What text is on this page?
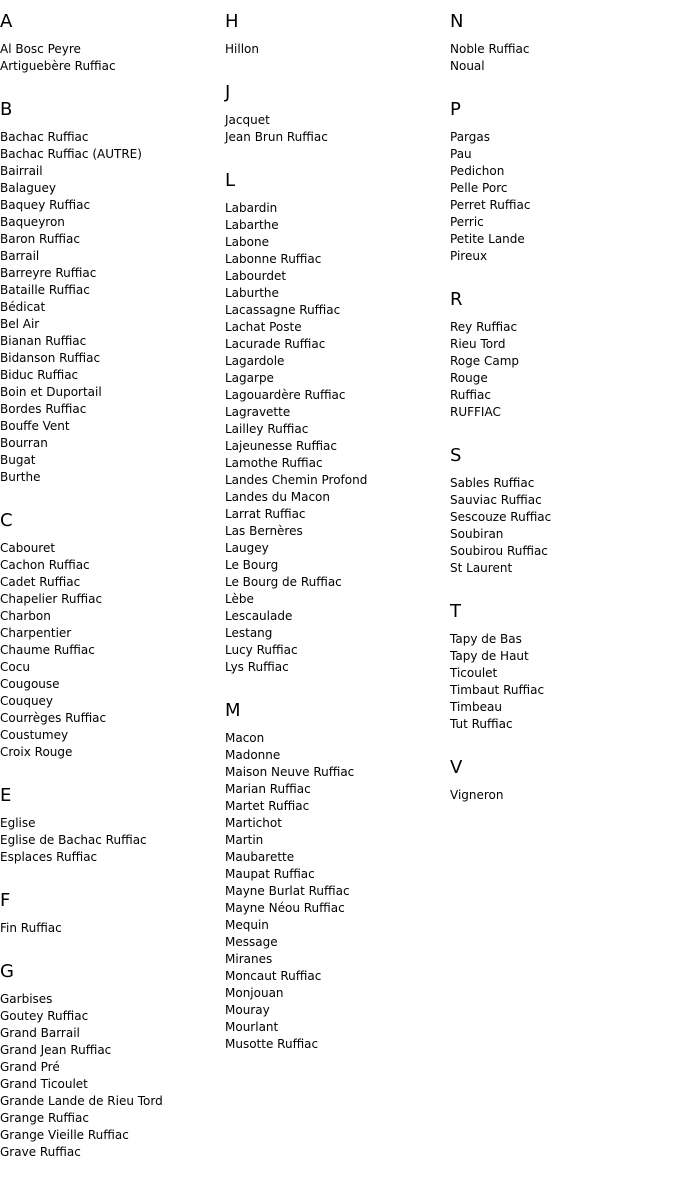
A
Al Bosc Peyre
Artiguebère Ruffiac
B
Bachac Ruffiac
Bachac Ruffiac (AUTRE)
Bairrail
Balaguey
Baquey Ruffiac
Baqueyron
Baron Ruffiac
Barrail
Barreyre Ruffiac
Bataille Ruffiac
Bédicat
Bel Air
Bianan Ruffiac
Bidanson Ruffiac
Biduc Ruffiac
Boin et Duportail
Bordes Ruffiac
Bouffe Vent
Bourran
Bugat
Burthe
C
Cabouret
Cachon Ruffiac
Cadet Ruffiac
Chapelier Ruffiac
Charbon
Charpentier
Chaume Ruffiac
Cocu
Cougouse
Couquey
Courrèges Ruffiac
Coustumey
Croix Rouge
E
Eglise
Eglise de Bachac Ruffiac
Esplaces Ruffiac
F
Fin Ruffiac
G
Garbises
Goutey Ruffiac
Grand Barrail
Grand Jean Ruffiac
Grand Pré
Grand Ticoulet
Grande Lande de Rieu Tord
Grange Ruffiac
Grange Vieille Ruffiac
Grave Ruffiac
H
Hillon
J
Jacquet
Jean Brun Ruffiac
L
Labardin
Labarthe
Labone
Labonne Ruffiac
Labourdet
Laburthe
Lacassagne Ruffiac
Lachat Poste
Lacurade Ruffiac
Lagardole
Lagarpe
Lagouardère Ruffiac
Lagravette
Lailley Ruffiac
Lajeunesse Ruffiac
Lamothe Ruffiac
Landes Chemin Profond
Landes du Macon
Larrat Ruffiac
Las Bernères
Laugey
Le Bourg
Le Bourg de Ruffiac
Lèbe
Lescaulade
Lestang
Lucy Ruffiac
Lys Ruffiac
M
Macon
Madonne
Maison Neuve Ruffiac
Marian Ruffiac
Martet Ruffiac
Martichot
Martin
Maubarette
Maupat Ruffiac
Mayne Burlat Ruffiac
Mayne Néou Ruffiac
Mequin
Message
Miranes
Moncaut Ruffiac
Monjouan
Mouray
Mourlant
Musotte Ruffiac
N
Noble Ruffiac
Noual
P
Pargas
Pau
Pedichon
Pelle Porc
Perret Ruffiac
Perric
Petite Lande
Pireux
R
Rey Ruffiac
Rieu Tord
Roge Camp
Rouge
Ruffiac
RUFFIAC
S
Sables Ruffiac
Sauviac Ruffiac
Sescouze Ruffiac
Soubiran
Soubirou Ruffiac
St Laurent
T
Tapy de Bas
Tapy de Haut
Ticoulet
Timbaut Ruffiac
Timbeau
Tut Ruffiac
V
Vigneron
